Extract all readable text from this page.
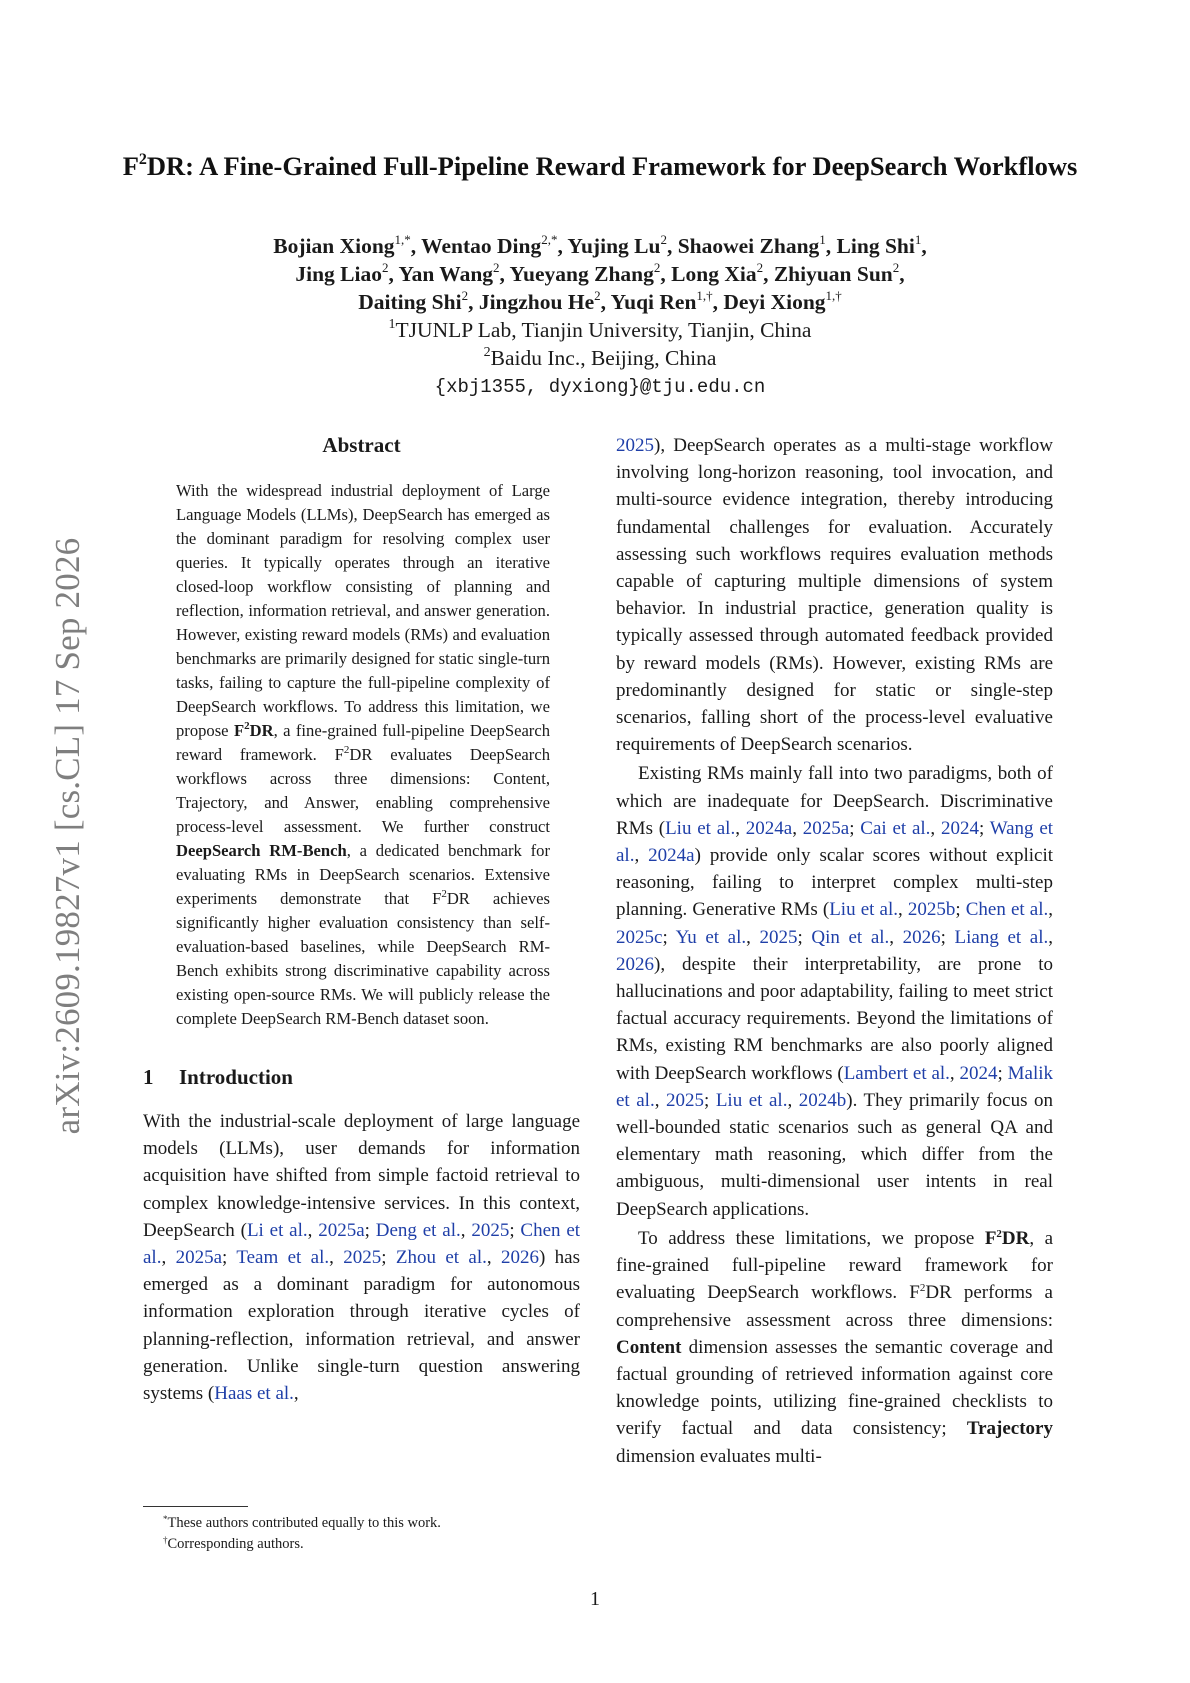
arXiv:2609.19827v1 [cs.CL] 17 Sep 2026
$F^2DR$: A Fine-Grained Full-Pipeline Reward Framework for DeepSearch Workflows
Bojian Xiong$^{1,*}$, Wentao Ding$^{2,*}$, Yujing Lu$^2$, Shaowei Zhang$^1$, Ling Shi$^1$,
Jing Liao$^2$, Yan Wang$^2$, Yueyang Zhang$^2$, Long Xia$^2$, Zhiyuan Sun$^2$,
Daiting Shi$^2$, Jingzhou He$^2$, Yuqi Ren$^{1,\dagger}$, Deyi Xiong$^{1,\dagger}$
$^1$TJUNLP Lab, Tianjin University, Tianjin, China
$^2$Baidu Inc., Beijing, China
{xbj1355, dyxiong}@tju.edu.cn
Abstract

With the widespread industrial deployment of Large Language Models (LLMs), DeepSearch has emerged as the dominant paradigm for resolving complex user queries. It typically operates through an iterative closed-loop workflow consisting of planning and reflection, information retrieval, and answer generation. However, existing reward models (RMs) and evaluation benchmarks are primarily designed for static single-turn tasks, failing to capture the full-pipeline complexity of DeepSearch workflows. To address this limitation, we propose $F^2DR$, a fine-grained full-pipeline DeepSearch reward framework. $F^2DR$ evaluates DeepSearch workflows across three dimensions: Content, Trajectory, and Answer, enabling comprehensive process-level assessment. We further construct DeepSearch RM-Bench, a dedicated benchmark for evaluating RMs in DeepSearch scenarios. Extensive experiments demonstrate that $F^2DR$ achieves significantly higher evaluation consistency than self-evaluation-based baselines, while DeepSearch RM-Bench exhibits strong discriminative capability across existing open-source RMs. We will publicly release the complete DeepSearch RM-Bench dataset soon.

1 Introduction

With the industrial-scale deployment of large language models (LLMs), user demands for information acquisition have shifted from simple factoid retrieval to complex knowledge-intensive services. In this context, DeepSearch (Li et al., 2025a; Deng et al., 2025; Chen et al., 2025a; Team et al., 2025; Zhou et al., 2026) has emerged as a dominant paradigm for autonomous information exploration through iterative cycles of planning-reflection, information retrieval, and answer generation. Unlike single-turn question answering systems (Haas et al.,

2025), DeepSearch operates as a multi-stage workflow involving long-horizon reasoning, tool invocation, and multi-source evidence integration, thereby introducing fundamental challenges for evaluation. Accurately assessing such workflows requires evaluation methods capable of capturing multiple dimensions of system behavior. In industrial practice, generation quality is typically assessed through automated feedback provided by reward models (RMs). However, existing RMs are predominantly designed for static or single-step scenarios, falling short of the process-level evaluative requirements of DeepSearch scenarios.

Existing RMs mainly fall into two paradigms, both of which are inadequate for DeepSearch. Discriminative RMs (Liu et al., 2024a, 2025a; Cai et al., 2024; Wang et al., 2024a) provide only scalar scores without explicit reasoning, failing to interpret complex multi-step planning. Generative RMs (Liu et al., 2025b; Chen et al., 2025c; Yu et al., 2025; Qin et al., 2026; Liang et al., 2026), despite their interpretability, are prone to hallucinations and poor adaptability, failing to meet strict factual accuracy requirements. Beyond the limitations of RMs, existing RM benchmarks are also poorly aligned with DeepSearch workflows (Lambert et al., 2024; Malik et al., 2025; Liu et al., 2024b). They primarily focus on well-bounded static scenarios such as general QA and elementary math reasoning, which differ from the ambiguous, multi-dimensional user intents in real DeepSearch applications.

To address these limitations, we propose $F^2DR$, a fine-grained full-pipeline reward framework for evaluating DeepSearch workflows. $F^2DR$ performs a comprehensive assessment across three dimensions: Content dimension assesses the semantic coverage and factual grounding of retrieved information against core knowledge points, utilizing fine-grained checklists to verify factual and data consistency; Trajectory dimension evaluates multi-

*These authors contributed equally to this work.
†Corresponding authors.
1
